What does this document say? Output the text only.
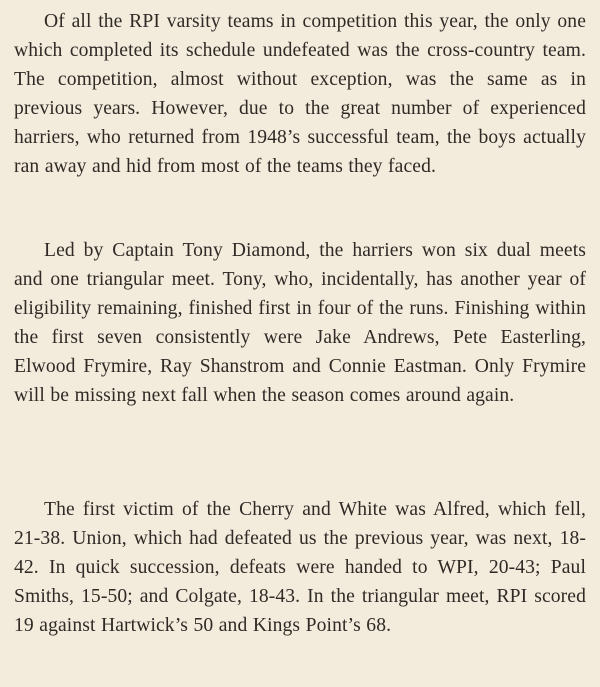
Of all the RPI varsity teams in competition this year, the only one which completed its schedule undefeated was the cross-country team. The competition, almost without exception, was the same as in previous years. However, due to the great number of experienced harriers, who returned from 1948’s successful team, the boys actually ran away and hid from most of the teams they faced.

Led by Captain Tony Diamond, the harriers won six dual meets and one triangular meet. Tony, who, incidentally, has another year of eligibility remaining, finished first in four of the runs. Finishing within the first seven consistently were Jake Andrews, Pete Easterling, Elwood Frymire, Ray Shanstrom and Connie Eastman. Only Frymire will be missing next fall when the season comes around again.

The first victim of the Cherry and White was Alfred, which fell, 21-38. Union, which had defeated us the previous year, was next, 18-42. In quick succession, defeats were handed to WPI, 20-43; Paul Smiths, 15-50; and Colgate, 18-43. In the triangular meet, RPI scored 19 against Hartwick’s 50 and Kings Point’s 68.
